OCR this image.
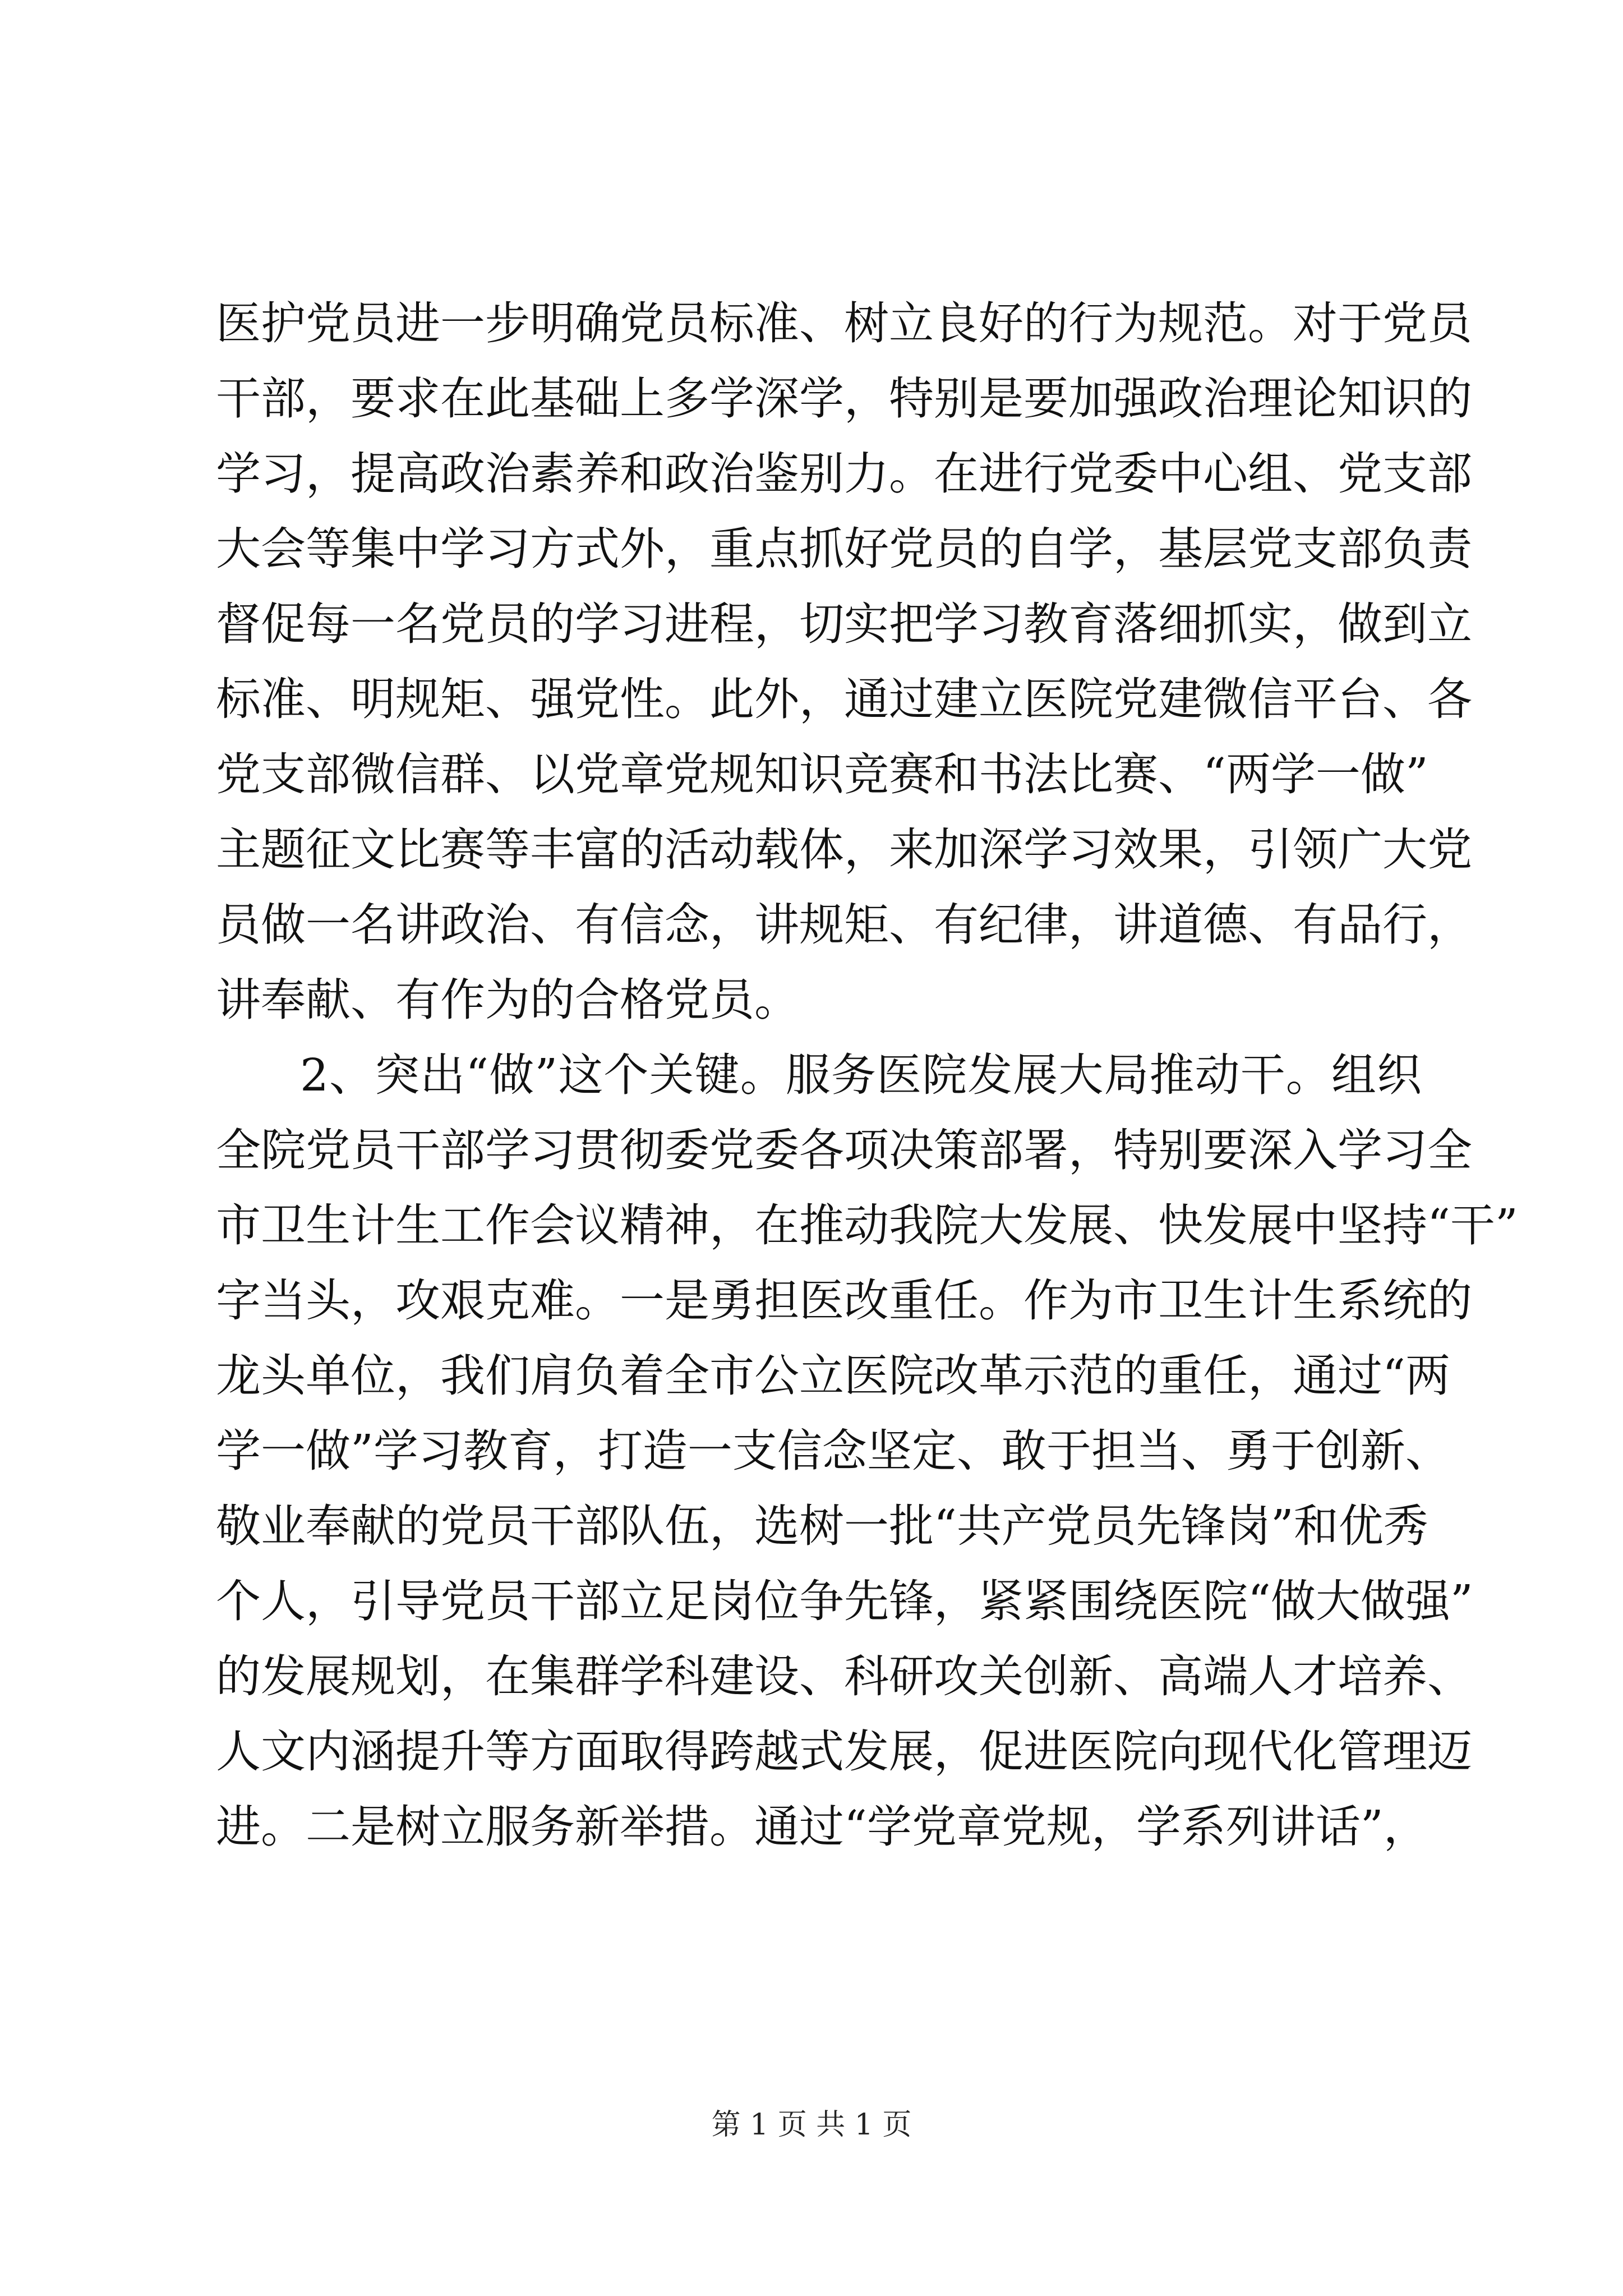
医护党员进一步明确党员标准、树立良好的行为规范。对于党员
干部，要求在此基础上多学深学，特别是要加强政治理论知识的
学习，提高政治素养和政治鉴别力。在进行党委中心组、党支部
大会等集中学习方式外，重点抓好党员的自学，基层党支部负责
督促每一名党员的学习进程，切实把学习教育落细抓实，做到立
标准、明规矩、强党性。此外，通过建立医院党建微信平台、各
党支部微信群、以党章党规知识竞赛和书法比赛、“两学一做”
主题征文比赛等丰富的活动载体，来加深学习效果，引领广大党
员做一名讲政治、有信念，讲规矩、有纪律，讲道德、有品行，
讲奉献、有作为的合格党员。
2、突出“做”这个关键。服务医院发展大局推动干。组织
全院党员干部学习贯彻委党委各项决策部署，特别要深入学习全
市卫生计生工作会议精神，在推动我院大发展、快发展中坚持“干”
字当头，攻艰克难。一是勇担医改重任。作为市卫生计生系统的
龙头单位，我们肩负着全市公立医院改革示范的重任，通过“两
学一做”学习教育，打造一支信念坚定、敢于担当、勇于创新、
敬业奉献的党员干部队伍，选树一批“共产党员先锋岗”和优秀
个人，引导党员干部立足岗位争先锋，紧紧围绕医院“做大做强”
的发展规划，在集群学科建设、科研攻关创新、高端人才培养、
人文内涵提升等方面取得跨越式发展，促进医院向现代化管理迈
进。二是树立服务新举措。通过“学党章党规，学系列讲话”，
第 1 页 共 1 页
